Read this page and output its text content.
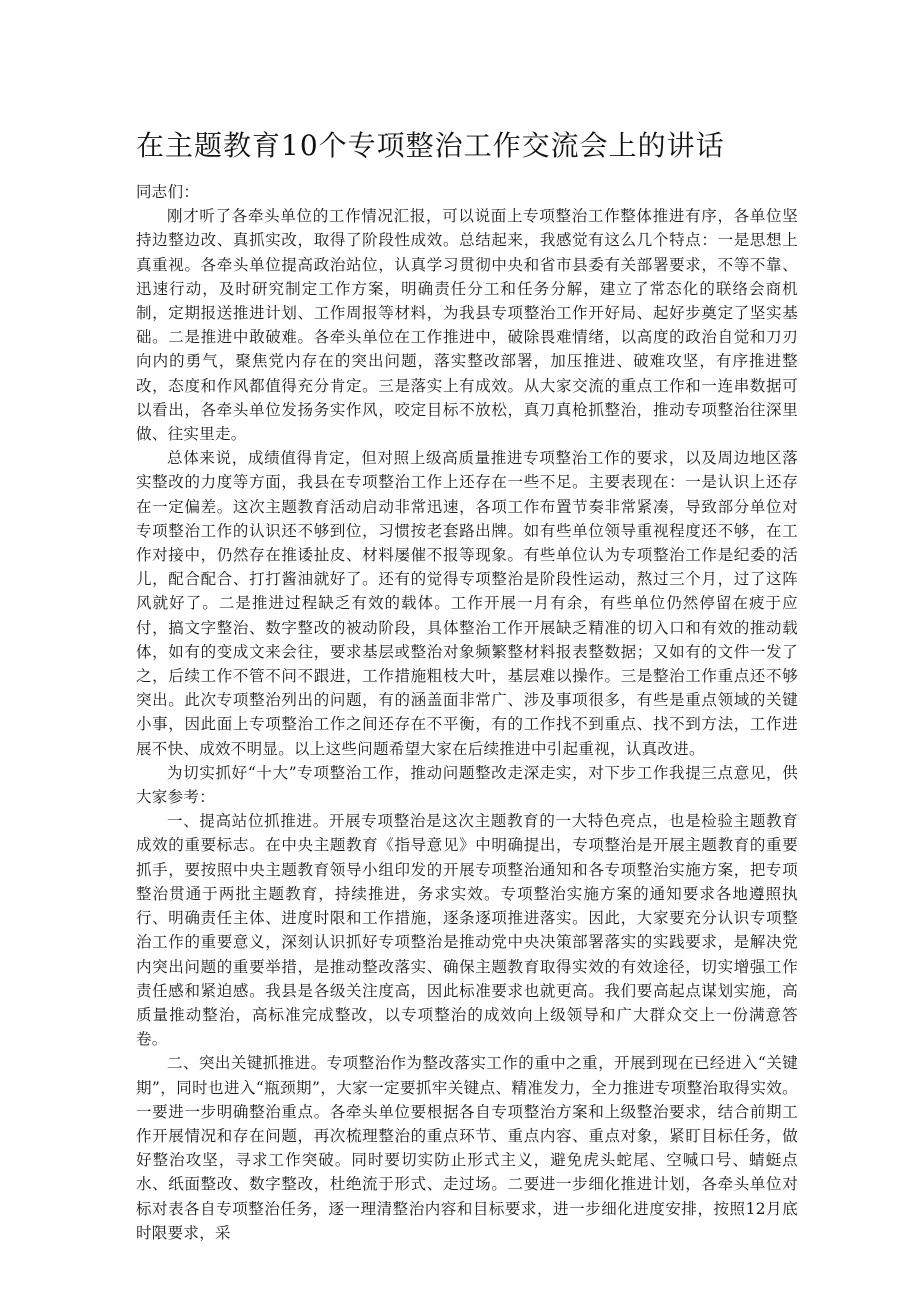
在主题教育10个专项整治工作交流会上的讲话

同志们：

刚才听了各牵头单位的工作情况汇报，可以说面上专项整治工作整体推进有序，各单位坚持边整边改、真抓实改，取得了阶段性成效。总结起来，我感觉有这么几个特点：一是思想上真重视。各牵头单位提高政治站位，认真学习贯彻中央和省市县委有关部署要求，不等不靠、迅速行动，及时研究制定工作方案，明确责任分工和任务分解，建立了常态化的联络会商机制，定期报送推进计划、工作周报等材料，为我县专项整治工作开好局、起好步奠定了坚实基础。二是推进中敢破难。各牵头单位在工作推进中，破除畏难情绪，以高度的政治自觉和刀刃向内的勇气，聚焦党内存在的突出问题，落实整改部署，加压推进、破难攻坚，有序推进整改，态度和作风都值得充分肯定。三是落实上有成效。从大家交流的重点工作和一连串数据可以看出，各牵头单位发扬务实作风，咬定目标不放松，真刀真枪抓整治，推动专项整治往深里做、往实里走。

总体来说，成绩值得肯定，但对照上级高质量推进专项整治工作的要求，以及周边地区落实整改的力度等方面，我县在专项整治工作上还存在一些不足。主要表现在：一是认识上还存在一定偏差。这次主题教育活动启动非常迅速，各项工作布置节奏非常紧凑，导致部分单位对专项整治工作的认识还不够到位，习惯按老套路出牌。如有些单位领导重视程度还不够，在工作对接中，仍然存在推诿扯皮、材料屡催不报等现象。有些单位认为专项整治工作是纪委的活儿，配合配合、打打酱油就好了。还有的觉得专项整治是阶段性运动，熬过三个月，过了这阵风就好了。二是推进过程缺乏有效的载体。工作开展一月有余，有些单位仍然停留在疲于应付，搞文字整治、数字整改的被动阶段，具体整治工作开展缺乏精准的切入口和有效的推动载体，如有的变成文来会往，要求基层或整治对象频繁整材料报表整数据；又如有的文件一发了之，后续工作不管不问不跟进，工作措施粗枝大叶，基层难以操作。三是整治工作重点还不够突出。此次专项整治列出的问题，有的涵盖面非常广、涉及事项很多，有些是重点领域的关键小事，因此面上专项整治工作之间还存在不平衡，有的工作找不到重点、找不到方法，工作进展不快、成效不明显。以上这些问题希望大家在后续推进中引起重视，认真改进。

为切实抓好“十大”专项整治工作，推动问题整改走深走实，对下步工作我提三点意见，供大家参考：

一、提高站位抓推进。开展专项整治是这次主题教育的一大特色亮点，也是检验主题教育成效的重要标志。在中央主题教育《指导意见》中明确提出，专项整治是开展主题教育的重要抓手，要按照中央主题教育领导小组印发的开展专项整治通知和各专项整治实施方案，把专项整治贯通于两批主题教育，持续推进，务求实效。专项整治实施方案的通知要求各地遵照执行、明确责任主体、进度时限和工作措施，逐条逐项推进落实。因此，大家要充分认识专项整治工作的重要意义，深刻认识抓好专项整治是推动党中央决策部署落实的实践要求，是解决党内突出问题的重要举措，是推动整改落实、确保主题教育取得实效的有效途径，切实增强工作责任感和紧迫感。我县是各级关注度高，因此标准要求也就更高。我们要高起点谋划实施，高质量推动整治，高标准完成整改，以专项整治的成效向上级领导和广大群众交上一份满意答卷。

二、突出关键抓推进。专项整治作为整改落实工作的重中之重，开展到现在已经进入“关键期”，同时也进入“瓶颈期”，大家一定要抓牢关键点、精准发力，全力推进专项整治取得实效。一要进一步明确整治重点。各牵头单位要根据各自专项整治方案和上级整治要求，结合前期工作开展情况和存在问题，再次梳理整治的重点环节、重点内容、重点对象，紧盯目标任务，做好整治攻坚，寻求工作突破。同时要切实防止形式主义，避免虎头蛇尾、空喊口号、蜻蜓点水、纸面整改、数字整改，杜绝流于形式、走过场。二要进一步细化推进计划，各牵头单位对标对表各自专项整治任务，逐一理清整治内容和目标要求，进一步细化进度安排，按照12月底时限要求，采
